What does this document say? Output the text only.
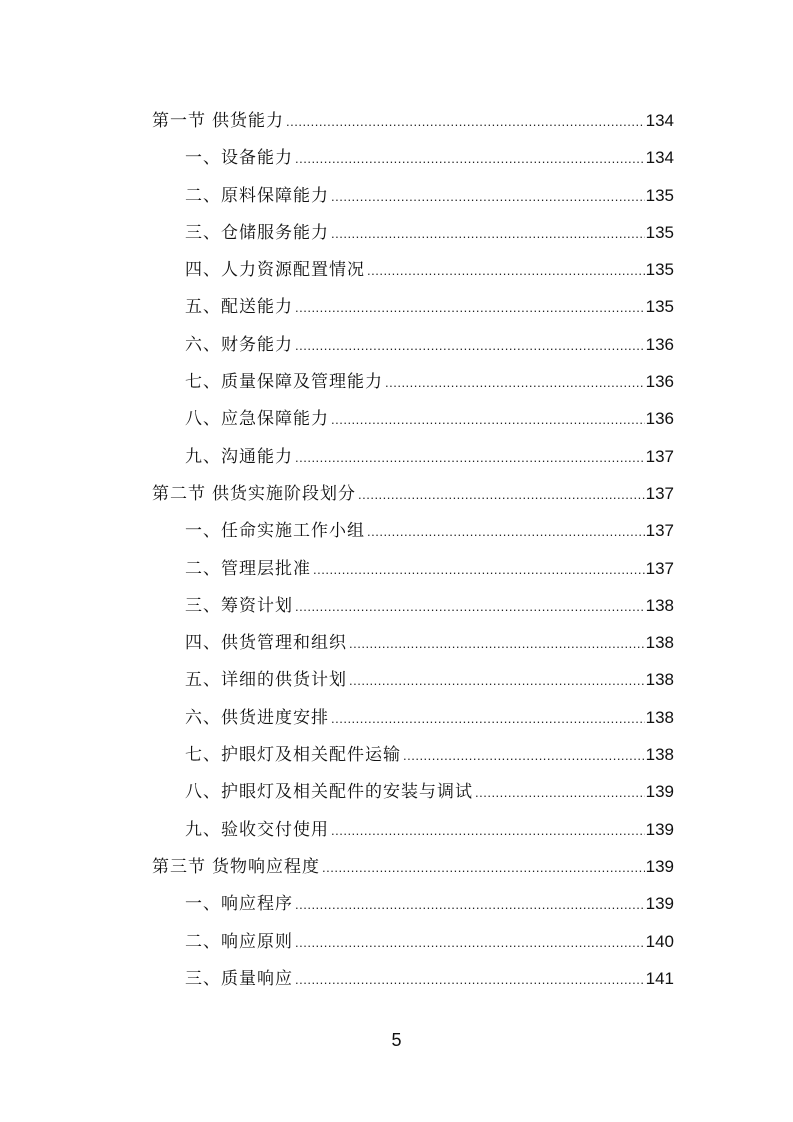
第一节 供货能力 .....	134
一、设备能力 .....	134
二、原料保障能力 .....	135
三、仓储服务能力 .....	135
四、人力资源配置情况 .....	135
五、配送能力 .....	135
六、财务能力 .....	136
七、质量保障及管理能力 .....	136
八、应急保障能力 .....	136
九、沟通能力 .....	137
第二节 供货实施阶段划分 .....	137
一、任命实施工作小组 .....	137
二、管理层批准 .....	137
三、筹资计划 .....	138
四、供货管理和组织 .....	138
五、详细的供货计划 .....	138
六、供货进度安排 .....	138
七、护眼灯及相关配件运输 .....	138
八、护眼灯及相关配件的安装与调试 .....	139
九、验收交付使用 .....	139
第三节 货物响应程度 .....	139
一、响应程序 .....	139
二、响应原则 .....	140
三、质量响应 .....	141
5
